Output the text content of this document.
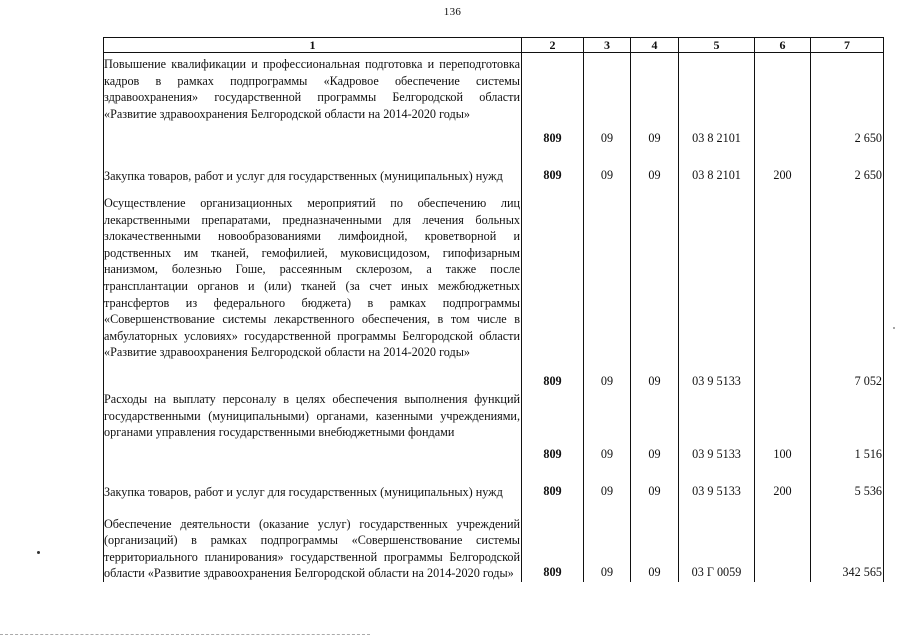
136
1	2	3	4	5	6	7
Повышение квалификации и профессиональная подготовка и переподготовка кадров в рамках подпрограммы «Кадровое обеспечение системы здравоохранения» государственной программы Белгородской области «Развитие здравоохранения Белгородской области на 2014-2020 годы»	809	09	09	03 8 2101		2 650
Закупка товаров, работ и услуг для государственных (муниципальных) нужд	809	09	09	03 8 2101	200	2 650
Осуществление организационных мероприятий по обеспечению лиц лекарственными препаратами, предназначенными для лечения больных злокачественными новообразованиями лимфоидной, кроветворной и родственных им тканей, гемофилией, муковисцидозом, гипофизарным нанизмом, болезнью Гоше, рассеянным склерозом, а также после трансплантации органов и (или) тканей (за счет иных межбюджетных трансфертов из федерального бюджета) в рамках подпрограммы «Совершенствование системы лекарственного обеспечения, в том числе в амбулаторных условиях» государственной программы Белгородской области «Развитие здравоохранения Белгородской области на 2014-2020 годы»	809	09	09	03 9 5133		7 052
Расходы на выплату персоналу в целях обеспечения выполнения функций государственными (муниципальными) органами, казенными учреждениями, органами управления государственными внебюджетными фондами	809	09	09	03 9 5133	100	1 516
Закупка товаров, работ и услуг для государственных (муниципальных) нужд	809	09	09	03 9 5133	200	5 536
Обеспечение деятельности (оказание услуг) государственных учреждений (организаций) в рамках подпрограммы «Совершенствование системы территориального планирования» государственной программы Белгородской области «Развитие здравоохранения Белгородской области на 2014-2020 годы»	809	09	09	03 Г 0059		342 565
